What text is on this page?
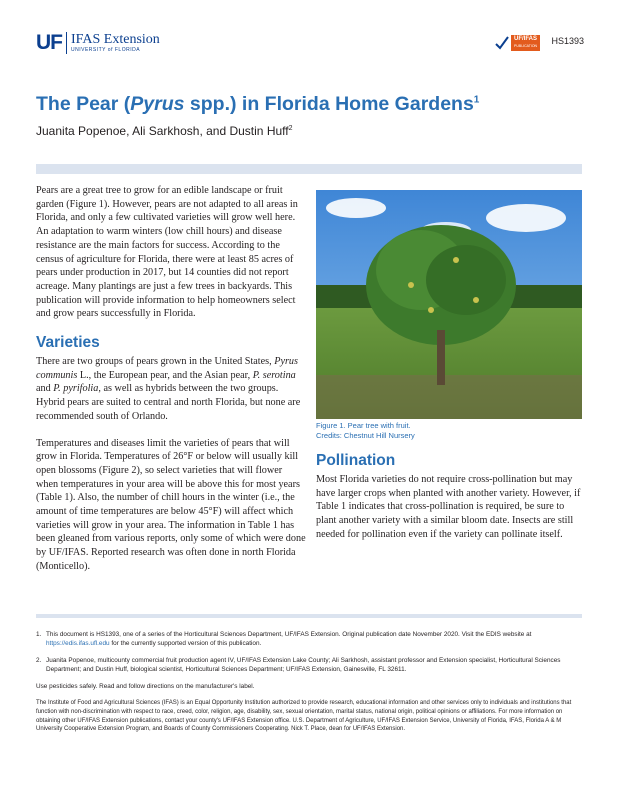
UF IFAS Extension
UNIVERSITY of FLORIDA
UF/IFAS
PUBLICATION HS1393
The Pear (Pyrus spp.) in Florida Home Gardens$^1$
Juanita Popenoe, Ali Sarkhosh, and Dustin Huff$^2$

Pears are a great tree to grow for an edible landscape or fruit garden (Figure 1). However, pears are not adapted to all areas in Florida, and only a few cultivated varieties will grow well here. An adaptation to warm winters (low chill hours) and disease resistance are the main factors for success. According to the census of agriculture for Florida, there were at least 85 acres of pears under production in 2017, but 14 counties did not report acreage. Many plantings are just a few trees in backyards. This publication will provide information to help homeowners select and grow pears successfully in Florida.

Varieties

There are two groups of pears grown in the United States, Pyrus communis L., the European pear, and the Asian pear, P. serotina and P. pyrifolia, as well as hybrids between the two groups. Hybrid pears are suited to central and north Florida, but none are recommended south of Orlando.

Temperatures and diseases limit the varieties of pears that will grow in Florida. Temperatures of 26°F or below will usually kill open blossoms (Figure 2), so select varieties that will flower when temperatures in your area will be above this for most years (Table 1). Also, the number of chill hours in the winter (i.e., the amount of time temperatures are below 45°F) will affect which varieties will grow in your area. The information in Table 1 has been gleaned from various reports, only some of which were done by UF/IFAS. Reported research was often done in north Florida (Monticello).

Figure 1. Pear tree with fruit.
Credits: Chestnut Hill Nursery
Pollination

Most Florida varieties do not require cross-pollination but may have larger crops when planted with another variety. However, if Table 1 indicates that cross-pollination is required, be sure to plant another variety with a similar bloom date. Insects are still needed for pollination even if the variety can pollinate itself.

1. This document is HS1393, one of a series of the Horticultural Sciences Department, UF/IFAS Extension. Original publication date November 2020. Visit the EDIS website at https://edis.ifas.ufl.edu for the currently supported version of this publication.
2. Juanita Popenoe, multicounty commercial fruit production agent IV, UF/IFAS Extension Lake County; Ali Sarkhosh, assistant professor and Extension specialist, Horticultural Sciences Department; and Dustin Huff, biological scientist, Horticultural Sciences Department; UF/IFAS Extension, Gainesville, FL 32611.
Use pesticides safely. Read and follow directions on the manufacturer's label.
The Institute of Food and Agricultural Sciences (IFAS) is an Equal Opportunity Institution authorized to provide research, educational information and other services only to individuals and institutions that function with non-discrimination with respect to race, creed, color, religion, age, disability, sex, sexual orientation, marital status, national origin, political opinions or affiliations. For more information on obtaining other UF/IFAS Extension publications, contact your county's UF/IFAS Extension office. U.S. Department of Agriculture, UF/IFAS Extension Service, University of Florida, IFAS, Florida A & M University Cooperative Extension Program, and Boards of County Commissioners Cooperating. Nick T. Place, dean for UF/IFAS Extension.
